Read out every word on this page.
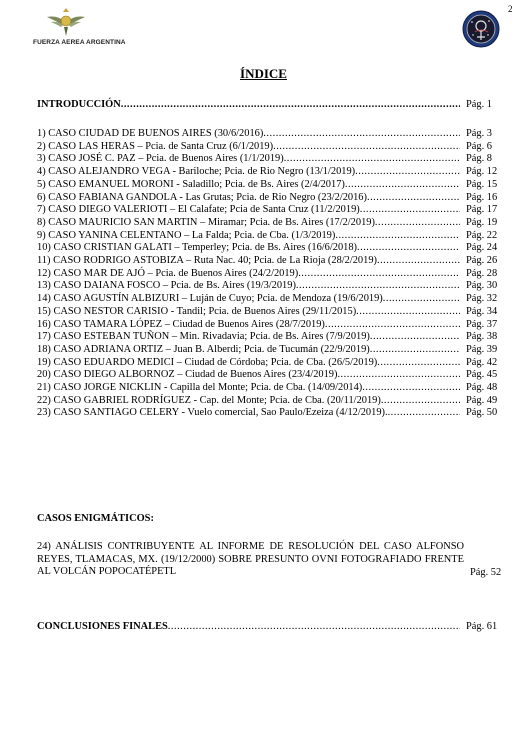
2
FUERZA AEREA ARGENTINA
ÍNDICE
INTRODUCCIÓN .....	Pág. 1
1) CASO CIUDAD DE BUENOS AIRES (30/6/2016) .....	Pág. 3
2) CASO LAS HERAS – Pcia. de Santa Cruz (6/1/2019) .....	Pág. 6
3) CASO JOSÉ C. PAZ – Pcia. de Buenos Aires (1/1/2019) .....	Pág. 8
4) CASO ALEJANDRO VEGA - Bariloche; Pcia. de Rio Negro (13/1/2019) .....	Pág. 12
5) CASO EMANUEL MORONI - Saladillo; Pcia. de Bs. Aires (2/4/2017) .....	Pág. 15
6) CASO FABIANA GANDOLA - Las Grutas; Pcia. de Rio Negro (23/2/2016) .....	Pág. 16
7) CASO DIEGO VALERIOTI – El Calafate; Pcia de Santa Cruz (11/2/2019) .....	Pág. 17
8) CASO MAURICIO SAN MARTIN – Miramar; Pcia. de Bs. Aires (17/2/2019) .....	Pág. 19
9) CASO YANINA CELENTANO – La Falda; Pcia. de Cba. (1/3/2019) .....	Pág. 22
10) CASO CRISTIAN GALATI – Temperley; Pcia. de Bs. Aires (16/6/2018) .....	Pág. 24
11) CASO RODRIGO ASTOBIZA – Ruta Nac. 40; Pcia. de La Rioja (28/2/2019) .....	Pág. 26
12) CASO MAR DE AJÓ – Pcia. de Buenos Aires (24/2/2019) .....	Pág. 28
13) CASO DAIANA FOSCO – Pcia. de Bs. Aires (19/3/2019) .....	Pág. 30
14) CASO AGUSTÍN ALBIZURI – Luján de Cuyo; Pcia. de Mendoza (19/6/2019) .....	Pág. 32
15) CASO NESTOR CARISIO - Tandil; Pcia. de Buenos Aires (29/11/2015) .....	Pág. 34
16) CASO TAMARA LÓPEZ – Ciudad de Buenos Aires (28/7/2019) .....	Pág. 37
17) CASO ESTEBAN TUÑON – Min. Rivadavia; Pcia. de Bs. Aires (7/9/2019) .....	Pág. 38
18) CASO ADRIANA ORTIZ – Juan B. Alberdi; Pcia. de Tucumán (22/9/2019) .....	Pág. 39
19) CASO EDUARDO MEDICI – Ciudad de Córdoba; Pcia. de Cba. (26/5/2019) .....	Pág. 42
20) CASO DIEGO ALBORNOZ – Ciudad de Buenos Aires (23/4/2019) .....	Pág. 45
21) CASO JORGE NICKLIN - Capilla del Monte; Pcia. de Cba. (14/09/2014) .....	Pág. 48
22) CASO GABRIEL RODRÍGUEZ - Cap. del Monte; Pcia. de Cba. (20/11/2019) .....	Pág. 49
23) CASO SANTIAGO CELERY - Vuelo comercial, Sao Paulo/Ezeiza (4/12/2019). .....	Pág. 50
CASOS ENIGMÁTICOS:
24) ANÁLISIS CONTRIBUYENTE AL INFORME DE RESOLUCIÓN DEL CASO ALFONSO REYES, TLAMACAS, MX. (19/12/2000) SOBRE PRESUNTO OVNI FOTOGRAFIADO FRENTE AL VOLCÁN POPOCATÉPETL	Pág. 52
CONCLUSIONES FINALES .....	Pág. 61
